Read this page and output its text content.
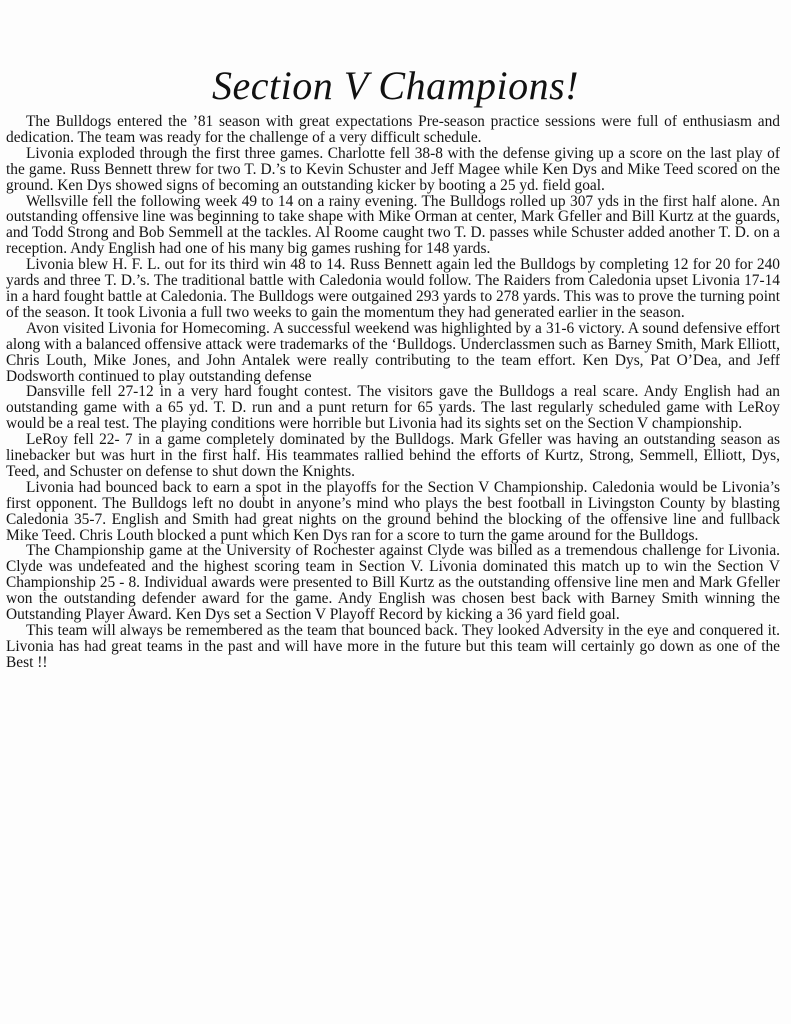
Section V Champions!

The Bulldogs entered the ’81 season with great expectations Pre-season practice sessions were full of enthusiasm and dedication. The team was ready for the challenge of a very difficult schedule.

Livonia exploded through the first three games. Charlotte fell 38-8 with the defense giving up a score on the last play of the game. Russ Bennett threw for two T. D.’s to Kevin Schuster and Jeff Magee while Ken Dys and Mike Teed scored on the ground. Ken Dys showed signs of becoming an outstanding kicker by booting a 25 yd. field goal.

Wellsville fell the following week 49 to 14 on a rainy evening. The Bulldogs rolled up 307 yds in the first half alone. An outstanding offensive line was beginning to take shape with Mike Orman at center, Mark Gfeller and Bill Kurtz at the guards, and Todd Strong and Bob Semmell at the tackles. Al Roome caught two T. D. passes while Schuster added another T. D. on a reception. Andy English had one of his many big games rushing for 148 yards.

Livonia blew H. F. L. out for its third win 48 to 14. Russ Bennett again led the Bulldogs by completing 12 for 20 for 240 yards and three T. D.’s. The traditional battle with Caledonia would follow. The Raiders from Caledonia upset Livonia 17-14 in a hard fought battle at Caledonia. The Bulldogs were outgained 293 yards to 278 yards. This was to prove the turning point of the season. It took Livonia a full two weeks to gain the momentum they had generated earlier in the season.

Avon visited Livonia for Homecoming. A successful weekend was highlighted by a 31-6 victory. A sound defensive effort along with a balanced offensive attack were trademarks of the ‘Bulldogs. Underclassmen such as Barney Smith, Mark Elliott, Chris Louth, Mike Jones, and John Antalek were really contributing to the team effort. Ken Dys, Pat O’Dea, and Jeff Dodsworth continued to play outstanding defense

Dansville fell 27-12 in a very hard fought contest. The visitors gave the Bulldogs a real scare. Andy English had an outstanding game with a 65 yd. T. D. run and a punt return for 65 yards. The last regularly scheduled game with LeRoy would be a real test. The playing conditions were horrible but Livonia had its sights set on the Section V championship.

LeRoy fell 22- 7 in a game completely dominated by the Bulldogs. Mark Gfeller was having an outstanding season as linebacker but was hurt in the first half. His teammates rallied behind the efforts of Kurtz, Strong, Semmell, Elliott, Dys, Teed, and Schuster on defense to shut down the Knights.

Livonia had bounced back to earn a spot in the playoffs for the Section V Championship. Caledonia would be Livonia’s first opponent. The Bulldogs left no doubt in anyone’s mind who plays the best football in Livingston County by blasting Caledonia 35-7. English and Smith had great nights on the ground behind the blocking of the offensive line and fullback Mike Teed. Chris Louth blocked a punt which Ken Dys ran for a score to turn the game around for the Bulldogs.

The Championship game at the University of Rochester against Clyde was billed as a tremendous challenge for Livonia. Clyde was undefeated and the highest scoring team in Section V. Livonia dominated this match up to win the Section V Championship 25 - 8. Individual awards were presented to Bill Kurtz as the outstanding offensive line men and Mark Gfeller won the outstanding defender award for the game. Andy English was chosen best back with Barney Smith winning the Outstanding Player Award. Ken Dys set a Section V Playoff Record by kicking a 36 yard field goal.

This team will always be remembered as the team that bounced back. They looked Adversity in the eye and conquered it. Livonia has had great teams in the past and will have more in the future but this team will certainly go down as one of the Best !!
